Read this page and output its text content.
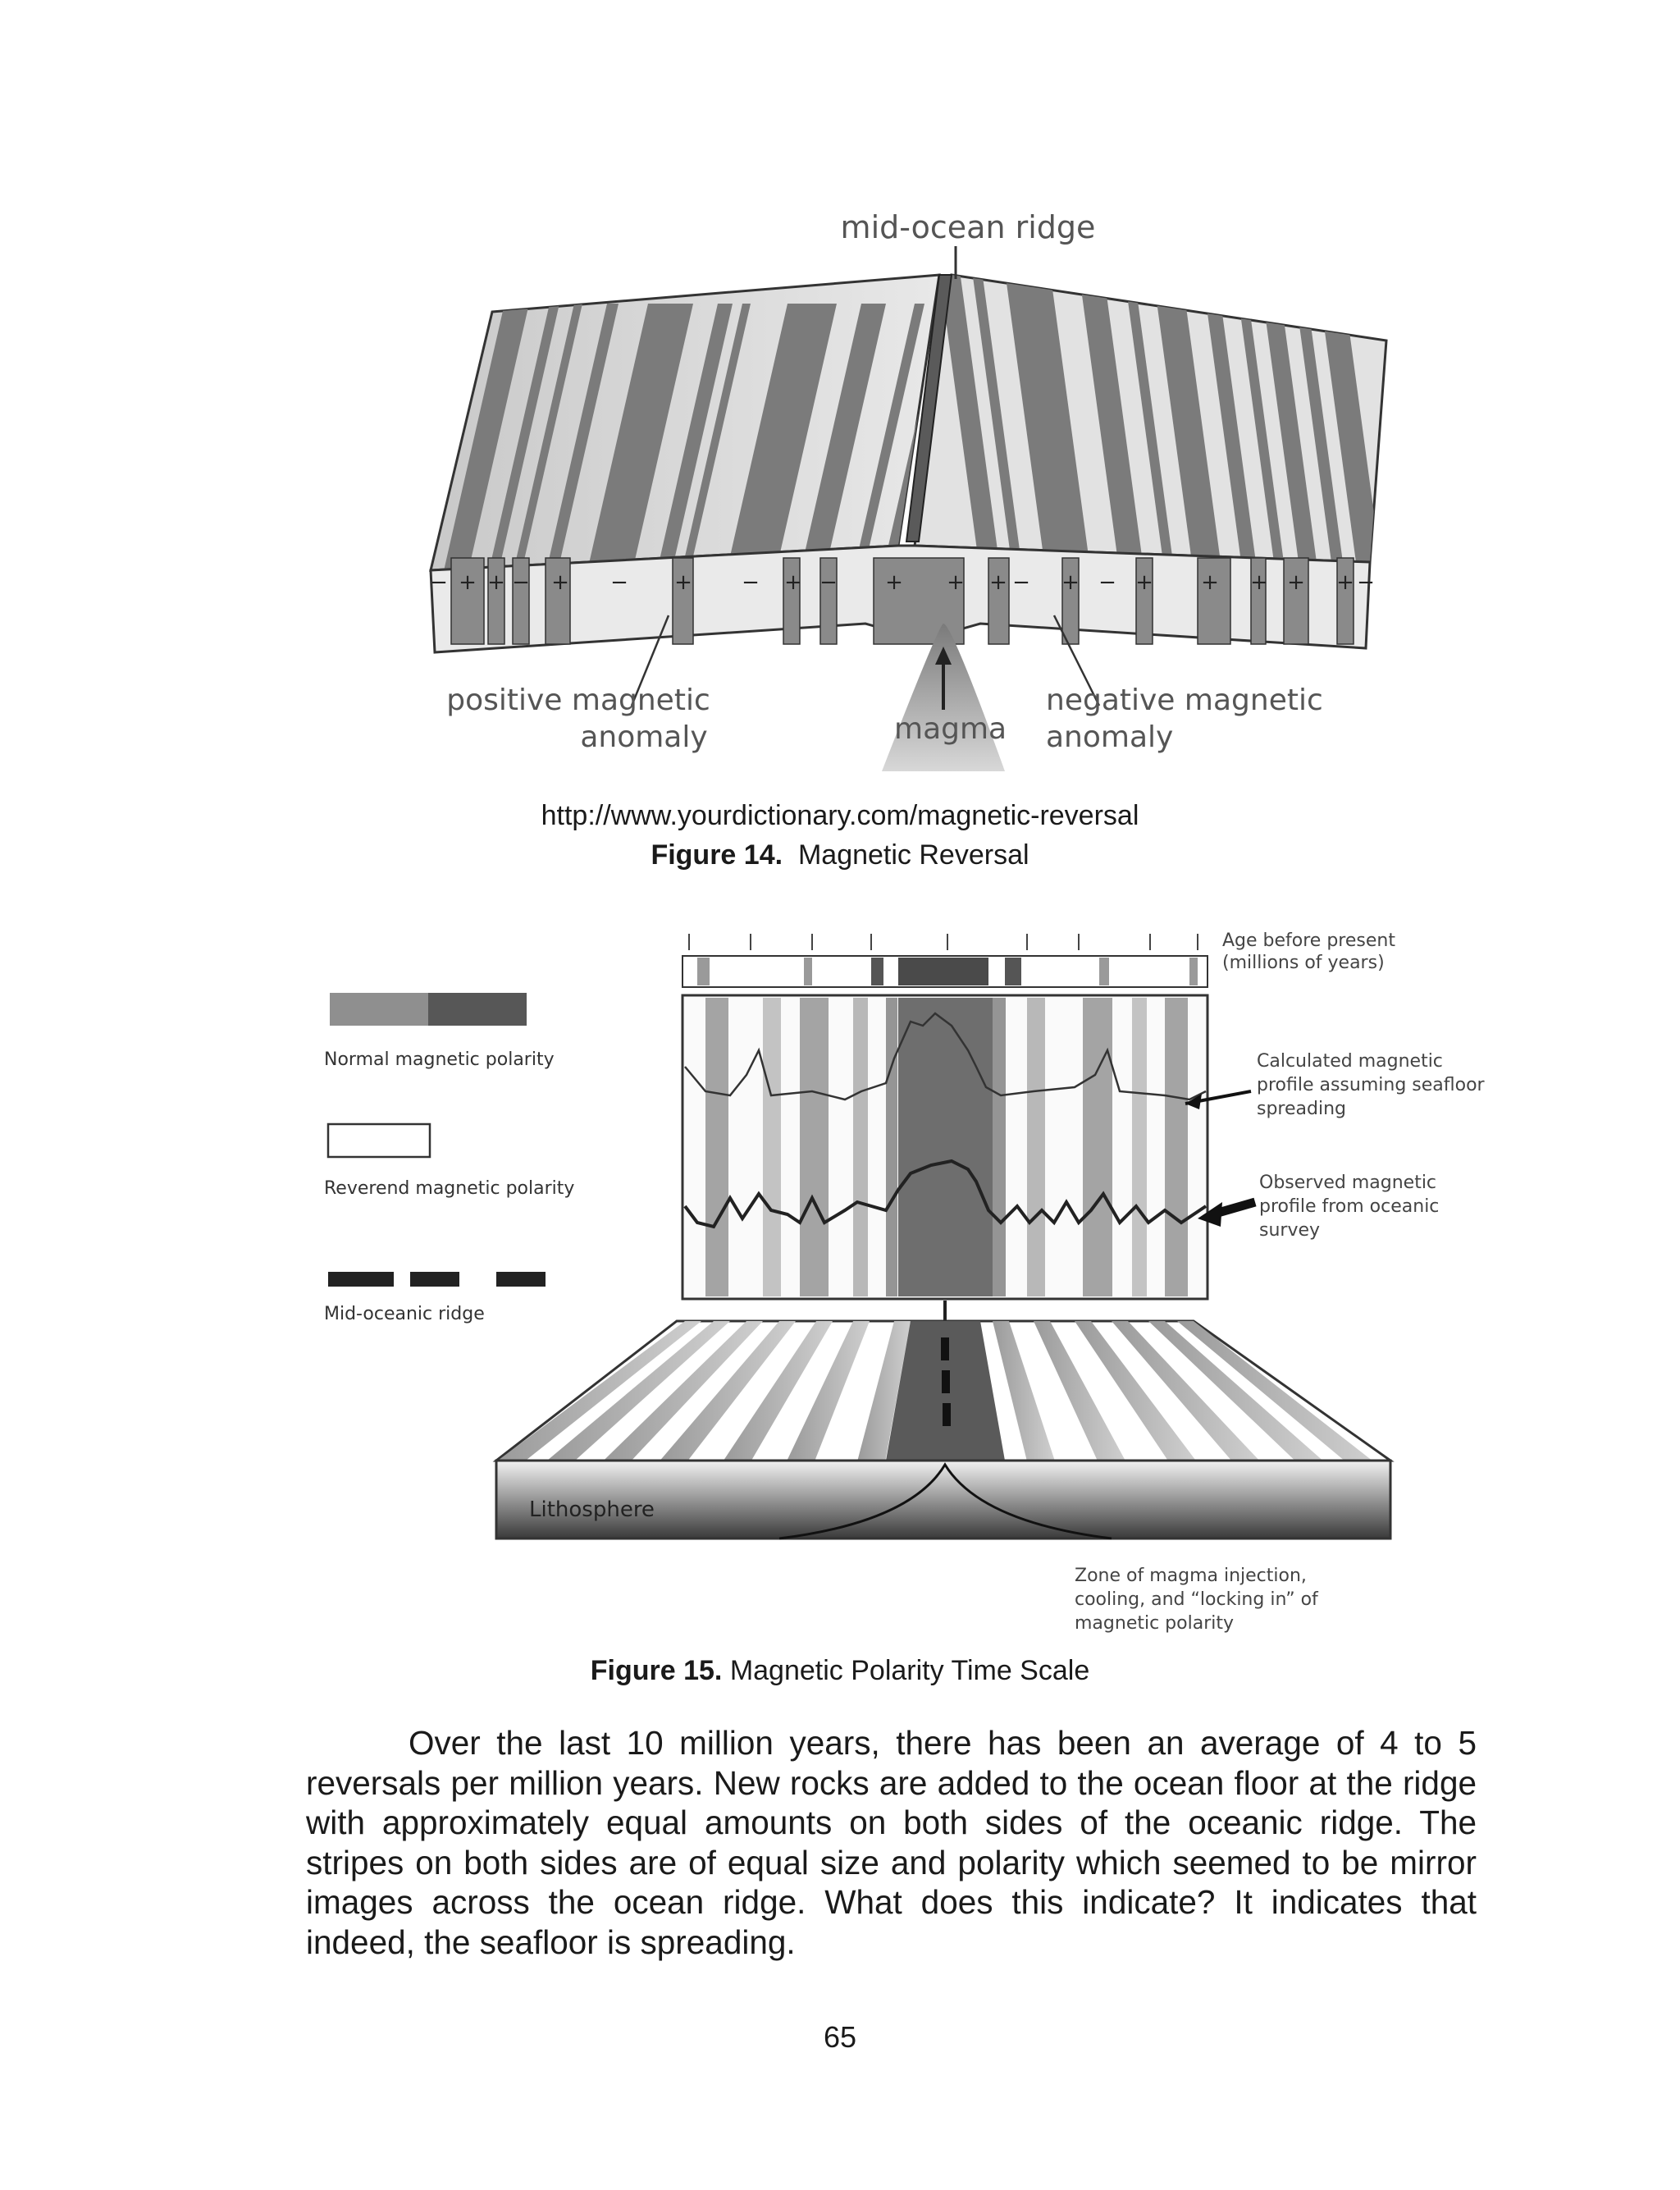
− + + − + − + − + − + + + − + − + + + + + −
mid-ocean ridge
positive magnetic
anomaly	magma
negative magnetic
anomaly
http://www.yourdictionary.com/magnetic-reversal
Figure 14. Magnetic Reversal
Normal magnetic polarity
Reverend magnetic polarity
Mid-oceanic ridge
Age before present
(millions of years)
Calculated magnetic
profile assuming seafloor
spreading
Observed magnetic
profile from oceanic
survey
Lithosphere
Zone of magma injection,
cooling, and “locking in” of
magnetic polarity
Figure 15. Magnetic Polarity Time Scale

Over the last 10 million years, there has been an average of 4 to 5 reversals per million years. New rocks are added to the ocean floor at the ridge with approximately equal amounts on both sides of the oceanic ridge. The stripes on both sides are of equal size and polarity which seemed to be mirror images across the ocean ridge. What does this indicate? It indicates that indeed, the seafloor is spreading.

65
